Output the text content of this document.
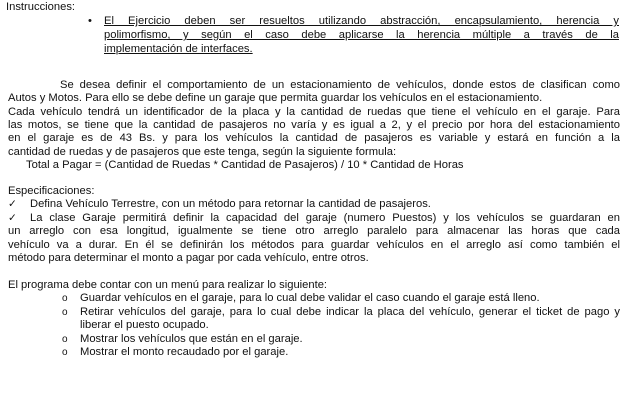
Instrucciones:
• El Ejercicio deben ser resueltos utilizando abstracción, encapsulamiento, herencia y
polimorfismo, y según el caso debe aplicarse la herencia múltiple a través de la
implementación de interfaces.
Se desea definir el comportamiento de un estacionamiento de vehículos, donde estos de clasifican como
Autos y Motos. Para ello se debe define un garaje que permita guardar los vehículos en el estacionamiento.
Cada vehículo tendrá un identificador de la placa y la cantidad de ruedas que tiene el vehículo en el garaje. Para
las motos, se tiene que la cantidad de pasajeros no varía y es igual a 2, y el precio por hora del estacionamiento
en el garaje es de 43 Bs. y para los vehículos la cantidad de pasajeros es variable y estará en función a la
cantidad de ruedas y de pasajeros que este tenga, según la siguiente formula:
Total a Pagar = (Cantidad de Ruedas * Cantidad de Pasajeros) / 10 * Cantidad de Horas
Especificaciones:
✓ Defina Vehículo Terrestre, con un método para retornar la cantidad de pasajeros.
✓ La clase Garaje permitirá definir la capacidad del garaje (numero Puestos) y los vehículos se guardaran en
un arreglo con esa longitud, igualmente se tiene otro arreglo paralelo para almacenar las horas que cada
vehículo va a durar. En él se definirán los métodos para guardar vehículos en el arreglo así como también el
método para determinar el monto a pagar por cada vehículo, entre otros.
El programa debe contar con un menú para realizar lo siguiente:
o Guardar vehículos en el garaje, para lo cual debe validar el caso cuando el garaje está lleno.
o Retirar vehículos del garaje, para lo cual debe indicar la placa del vehículo, generar el ticket de pago y
liberar el puesto ocupado.
o Mostrar los vehículos que están en el garaje.
o Mostrar el monto recaudado por el garaje.
